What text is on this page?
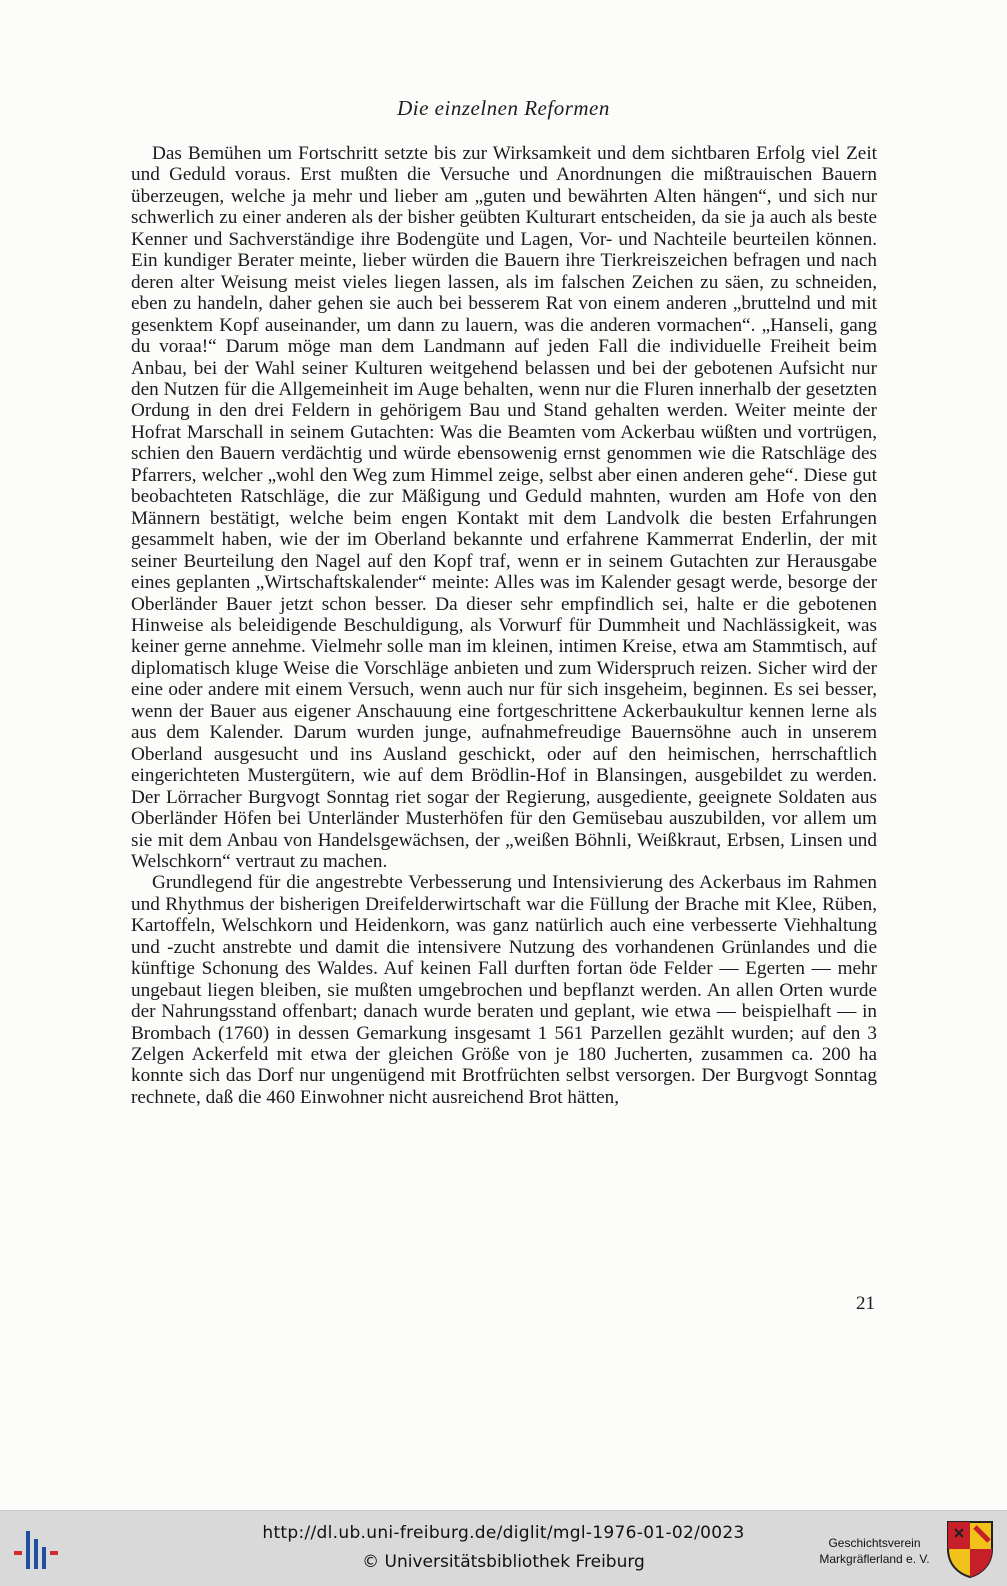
Die einzelnen Reformen

Das Bemühen um Fortschritt setzte bis zur Wirksamkeit und dem sichtbaren Erfolg viel Zeit und Geduld voraus. Erst mußten die Versuche und Anordnungen die mißtrauischen Bauern überzeugen, welche ja mehr und lieber am „guten und bewährten Alten hängen“, und sich nur schwerlich zu einer anderen als der bisher geübten Kulturart entscheiden, da sie ja auch als beste Kenner und Sachverständige ihre Bodengüte und Lagen, Vor- und Nachteile beurteilen können. Ein kundiger Berater meinte, lieber würden die Bauern ihre Tierkreiszeichen befragen und nach deren alter Weisung meist vieles liegen lassen, als im falschen Zeichen zu säen, zu schneiden, eben zu handeln, daher gehen sie auch bei besserem Rat von einem anderen „bruttelnd und mit gesenktem Kopf auseinander, um dann zu lauern, was die anderen vormachen“. „Hanseli, gang du voraa!“ Darum möge man dem Landmann auf jeden Fall die individuelle Freiheit beim Anbau, bei der Wahl seiner Kulturen weitgehend belassen und bei der gebotenen Aufsicht nur den Nutzen für die Allgemeinheit im Auge behalten, wenn nur die Fluren innerhalb der gesetzten Ordung in den drei Feldern in gehörigem Bau und Stand gehalten werden. Weiter meinte der Hofrat Marschall in seinem Gutachten: Was die Beamten vom Ackerbau wüßten und vortrügen, schien den Bauern verdächtig und würde ebensowenig ernst genommen wie die Ratschläge des Pfarrers, welcher „wohl den Weg zum Himmel zeige, selbst aber einen anderen gehe“. Diese gut beobachteten Ratschläge, die zur Mäßigung und Geduld mahnten, wurden am Hofe von den Männern bestätigt, welche beim engen Kontakt mit dem Landvolk die besten Erfahrungen gesammelt haben, wie der im Oberland bekannte und erfahrene Kammerrat Enderlin, der mit seiner Beurteilung den Nagel auf den Kopf traf, wenn er in seinem Gutachten zur Herausgabe eines geplanten „Wirtschaftskalender“ meinte: Alles was im Kalender gesagt werde, besorge der Oberländer Bauer jetzt schon besser. Da dieser sehr empfindlich sei, halte er die gebotenen Hinweise als beleidigende Beschuldigung, als Vorwurf für Dummheit und Nachlässigkeit, was keiner gerne annehme. Vielmehr solle man im kleinen, intimen Kreise, etwa am Stammtisch, auf diplomatisch kluge Weise die Vorschläge anbieten und zum Widerspruch reizen. Sicher wird der eine oder andere mit einem Versuch, wenn auch nur für sich insgeheim, beginnen. Es sei besser, wenn der Bauer aus eigener Anschauung eine fortgeschrittene Ackerbaukultur kennen lerne als aus dem Kalender. Darum wurden junge, aufnahmefreudige Bauernsöhne auch in unserem Oberland ausgesucht und ins Ausland geschickt, oder auf den heimischen, herrschaftlich eingerichteten Mustergütern, wie auf dem Brödlin-Hof in Blansingen, ausgebildet zu werden. Der Lörracher Burgvogt Sonntag riet sogar der Regierung, ausgediente, geeignete Soldaten aus Oberländer Höfen bei Unterländer Musterhöfen für den Gemüsebau auszubilden, vor allem um sie mit dem Anbau von Handelsgewächsen, der „weißen Böhnli, Weißkraut, Erbsen, Linsen und Welschkorn“ vertraut zu machen.

Grundlegend für die angestrebte Verbesserung und Intensivierung des Ackerbaus im Rahmen und Rhythmus der bisherigen Dreifelderwirtschaft war die Füllung der Brache mit Klee, Rüben, Kartoffeln, Welschkorn und Heidenkorn, was ganz natürlich auch eine verbesserte Viehhaltung und -zucht anstrebte und damit die intensivere Nutzung des vorhandenen Grünlandes und die künftige Schonung des Waldes. Auf keinen Fall durften fortan öde Felder — Egerten — mehr ungebaut liegen bleiben, sie mußten umgebrochen und bepflanzt werden. An allen Orten wurde der Nahrungsstand offenbart; danach wurde beraten und geplant, wie etwa — beispielhaft — in Brombach (1760) in dessen Gemarkung insgesamt 1 561 Parzellen gezählt wurden; auf den 3 Zelgen Ackerfeld mit etwa der gleichen Größe von je 180 Jucherten, zusammen ca. 200 ha konnte sich das Dorf nur ungenügend mit Brotfrüchten selbst versorgen. Der Burgvogt Sonntag rechnete, daß die 460 Einwohner nicht ausreichend Brot hätten,

21
http://dl.ub.uni-freiburg.de/diglit/mgl-1976-01-02/0023
© Universitätsbibliothek Freiburg
Geschichtsverein
Markgräflerland e. V.
